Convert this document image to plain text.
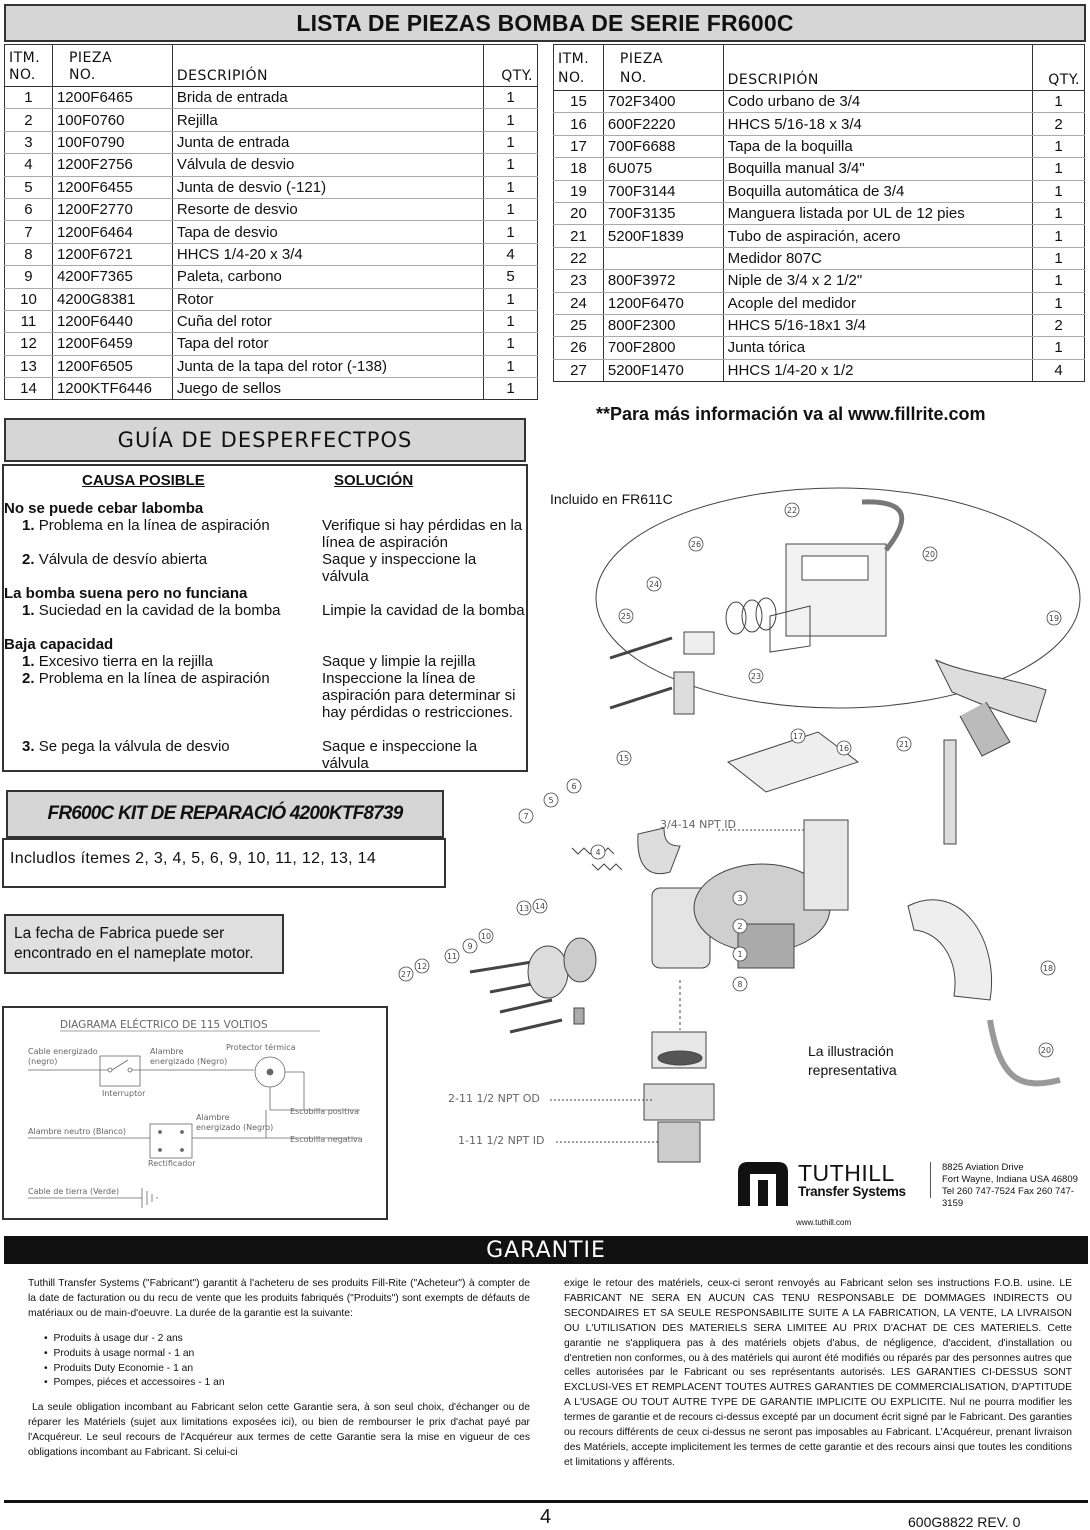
LISTA DE PIEZAS BOMBA DE SERIE FR600C
ITM.
NO.	PIEZA
NO.	DESCRIPIÓN	QTY.
1	1200F6465	Brida de entrada	1
2	100F0760	Rejilla	1
3	100F0790	Junta de entrada	1
4	1200F2756	Válvula de desvio	1
5	1200F6455	Junta de desvio (-121)	1
6	1200F2770	Resorte de desvio	1
7	1200F6464	Tapa de desvio	1
8	1200F6721	HHCS 1/4-20 x 3/4	4
9	4200F7365	Paleta, carbono	5
10	4200G8381	Rotor	1
11	1200F6440	Cuña del rotor	1
12	1200F6459	Tapa del rotor	1
13	1200F6505	Junta de la tapa del rotor (-138)	1
14	1200KTF6446	Juego de sellos	1
ITM.
NO.	PIEZA
NO.	DESCRIPIÓN	QTY.
15	702F3400	Codo urbano de 3/4	1
16	600F2220	HHCS 5/16-18 x 3/4	2
17	700F6688	Tapa de la boquilla	1
18	6U075	Boquilla manual 3/4"	1
19	700F3144	Boquilla automática de 3/4	1
20	700F3135	Manguera listada por UL de 12 pies	1
21	5200F1839	Tubo de aspiración, acero	1
22		Medidor 807C	1
23	800F3972	Niple de 3/4 x 2 1/2"	1
24	1200F6470	Acople del medidor	1
25	800F2300	HHCS 5/16-18x1 3/4	2
26	700F2800	Junta tórica	1
27	5200F1470	HHCS 1/4-20 x 1/2	4
**Para más información va al www.fillrite.com
GUÍA DE DESPERFECTPOS
CAUSA POSIBLE	SOLUCIÓN
No se puede cebar labomba
1. Problema en la línea de aspiración	Verifique si hay pérdidas en la línea de aspiración
2. Válvula de desvío abierta	Saque y inspeccione la válvula
La bomba suena pero no funciana
1. Suciedad en la cavidad de la bomba	Limpie la cavidad de la bomba
Baja capacidad
1. Excesivo tierra en la rejilla	Saque y limpie la rejilla
2. Problema en la línea de aspiración	Inspeccione la línea de aspiración para determinar si hay pérdidas o restricciones.
3. Se pega la válvula de desvio	Saque e inspeccione la válvula
FR600C KIT DE REPARACIÓ 4200KTF8739
Includlos ítemes 2, 3, 4, 5, 6, 9, 10, 11, 12, 13, 14
La fecha de Fabrica puede ser encontrado en el nameplate motor.
DIAGRAMA ELÉCTRICO DE 115 VOLTIOS
Cable energizado
(negro)
Alambre
energizado (Negro)
Protector térmica
Interruptor
Alambre neutro (Blanco)
Alambre
energizado (Negro)
Escobilla positiva
Escobilla negativa
Rectificador
Cable de tierra (Verde)
1
2
3
4
5
6
7
8
9
10
11
12
13 14
15
16
17
18
19
20
20
21
22
23
24
25
26
27
2-11 1/2 NPT OD
1-11 1/2 NPT ID
3/4-14 NPT ID
Incluido en FR611C
La illustración
representativa
TUTHILL
Transfer Systems
8825 Aviation Drive
Fort Wayne, Indiana USA 46809
Tel 260 747-7524 Fax 260 747-3159
www.tuthill.com
GARANTIE

Tuthill Transfer Systems ("Fabricant") garantit à l'acheteru de ses produits Fill-Rite ("Acheteur") à compter de la date de facturation ou du recu de vente que les produits fabriqués ("Produits") sont exempts de défauts de matériaux ou de main-d'oeuvre. La durée de la garantie est la suivante:

• Produits à usage dur - 2 ans
• Produits à usage normal - 1 an
• Produits Duty Economie - 1 an
• Pompes, piéces et accessoires - 1 an

La seule obligation incombant au Fabricant selon cette Garantie sera, à son seul choix, d'échanger ou de réparer les Matériels (sujet aux limitations exposées ici), ou bien de rembourser le prix d'achat payé par l'Acquéreur. Le seul recours de l'Acquéreur aux termes de cette Garantie sera la mise en vigueur de ces obligations incombant au Fabricant. Si celui-ci

exige le retour des matériels, ceux-ci seront renvoyés au Fabricant selon ses instructions F.O.B. usine. LE FABRICANT NE SERA EN AUCUN CAS TENU RESPONSABLE DE DOMMAGES INDIRECTS OU SECONDAIRES ET SA SEULE RESPONSABILITE SUITE A LA FABRICATION, LA VENTE, LA LIVRAISON OU L'UTILISATION DES MATERIELS SERA LIMITEE AU PRIX D'ACHAT DE CES MATERIELS. Cette garantie ne s'appliquera pas à des matériels objets d'abus, de négligence, d'accident, d'installation ou d'entretien non conformes, ou à des matériels qui auront été modifiés ou réparés par des personnes autres que celles autorisées par le Fabricant ou ses représentants autorisés. LES GARANTIES CI-DESSUS SONT EXCLUSI-VES ET REMPLACENT TOUTES AUTRES GARANTIES DE COMMERCIALISATION, D'APTITUDE A L'USAGE OU TOUT AUTRE TYPE DE GARANTIE IMPLICITE OU EXPLICITE. Nul ne pourra modifier les termes de garantie et de recours ci-dessus excepté par un document écrit signé par le Fabricant. Des garanties ou recours différents de ceux ci-dessus ne seront pas imposables au Fabricant. L'Acquéreur, prenant livraison des Matériels, accepte implicitement les termes de cette garantie et des recours ainsi que toutes les conditions et limitations y afférents.
4	600G8822 REV. 0
